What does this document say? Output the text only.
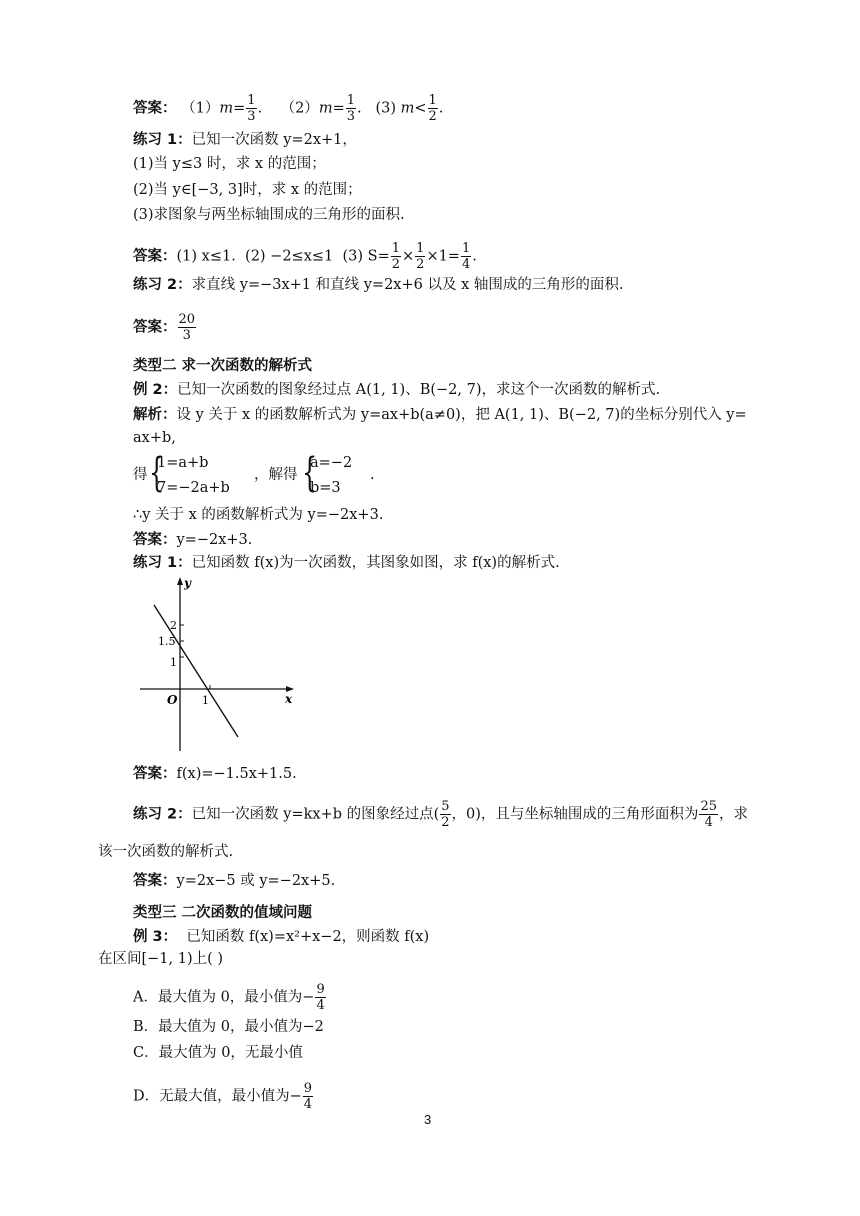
答案： $(1)m= \frac{1}{3}$ . $(2)m= \frac{1}{3}$ . (3) $m< \frac{1}{2}$ .
练习 1：已知一次函数 y=2x+1，
(1)当 y≤3 时，求 x 的范围；
(2)当 y∈[−3, 3]时，求 x 的范围；
(3)求图象与两坐标轴围成的三角形的面积.
答案：(1) x≤1. (2) −2≤x≤1 (3) $S= \frac{1}{2} \times \frac{1}{2} \times 1= \frac{1}{4}$ .
练习 2：求直线 y=−3x+1 和直线 y=2x+6 以及 x 轴围成的三角形的面积.
答案： $\frac{20}{3}$
类型二 求一次函数的解析式
例 2：已知一次函数的图象经过点 A(1, 1)、B(−2, 7)，求这个一次函数的解析式.
解析：设 y 关于 x 的函数解析式为 y=ax+b(a≠0)，把 A(1, 1)、B(−2, 7)的坐标分别代入 y=
ax+b,
得 {
1=a+b
7=−2a+b
，解得 {
a=−2
b=3
.
∴y 关于 x 的函数解析式为 y=−2x+3.
答案：y=−2x+3.
练习 1：已知函数 f(x)为一次函数，其图象如图，求 f(x)的解析式.
y
x
O
2
1.5
1
1
答案：f(x)=−1.5x+1.5.
练习 2：已知一次函数 y=kx+b 的图象经过点( $\frac{5}{2}$ ，0)，且与坐标轴围成的三角形面积为 $\frac{25}{4}$ ，求
该一次函数的解析式.
答案：y=2x−5 或 y=−2x+5.
类型三 二次函数的值域问题
例 3： 已知函数 f(x)=x²+x−2，则函数 f(x)
在区间[−1, 1)上( )
A．最大值为 0，最小值为− $\frac{9}{4}$
B．最大值为 0，最小值为−2
C．最大值为 0，无最小值
D．无最大值，最小值为− $\frac{9}{4}$
3
